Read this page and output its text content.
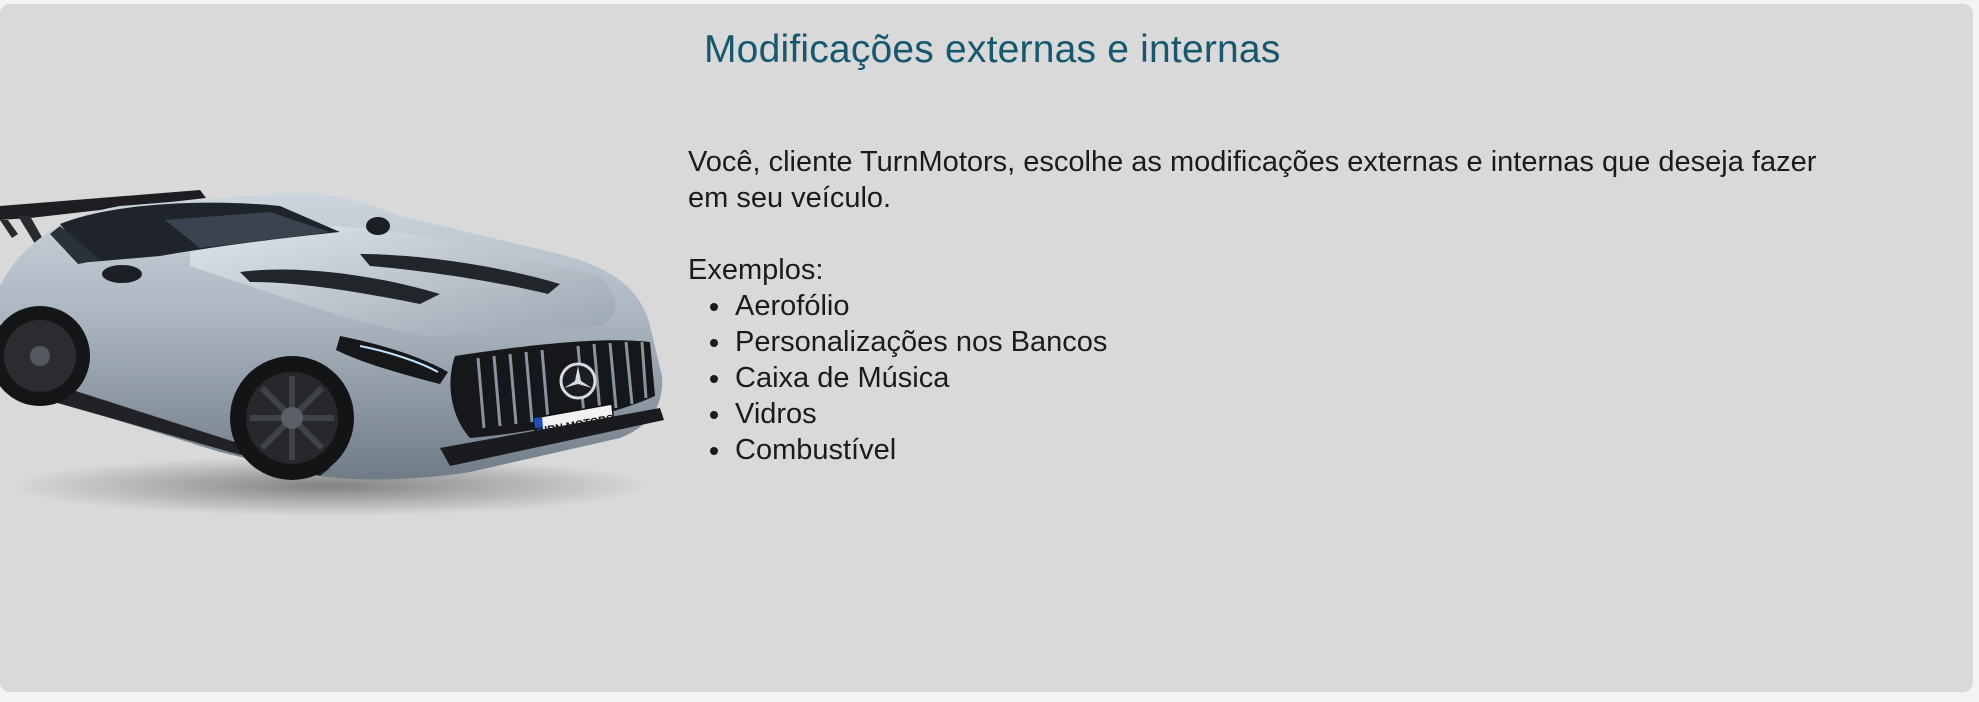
Modificações externas e internas

Você, cliente TurnMotors, escolhe as modificações externas e internas que deseja fazer em seu veículo.

Exemplos:

• Aerofólio
• Personalizações nos Bancos
• Caixa de Música
• Vidros
• Combustível
